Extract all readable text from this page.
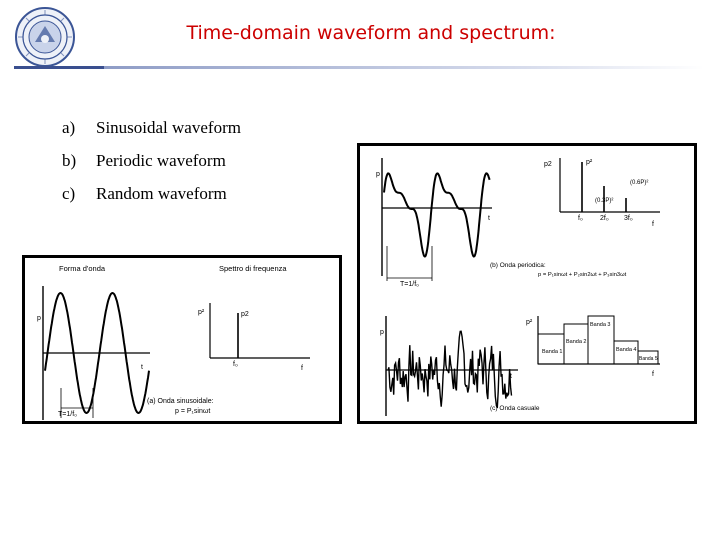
Time-domain waveform and spectrum:
a) Sinusoidal waveform
b) Periodic waveform
c) Random waveform
Forma d'onda	Spettro di frequenza
p
t
T=1/f₀
p²	p2
f₀
f
(a) Onda sinusoidale:
p = P₁sinωt
p
t
T=1/f₀
p2	p²
(0.6P)²
(0.3P)²
f₀ 2f₀ 3f₀
f
(b) Onda periodica:
p = P₁sinωt + P₂sin2ωt + P₃sin3ωt
p
t
Banda 1
Banda 2
Banda 3
Banda 4
Banda 5
p²
f
(c) Onda casuale
